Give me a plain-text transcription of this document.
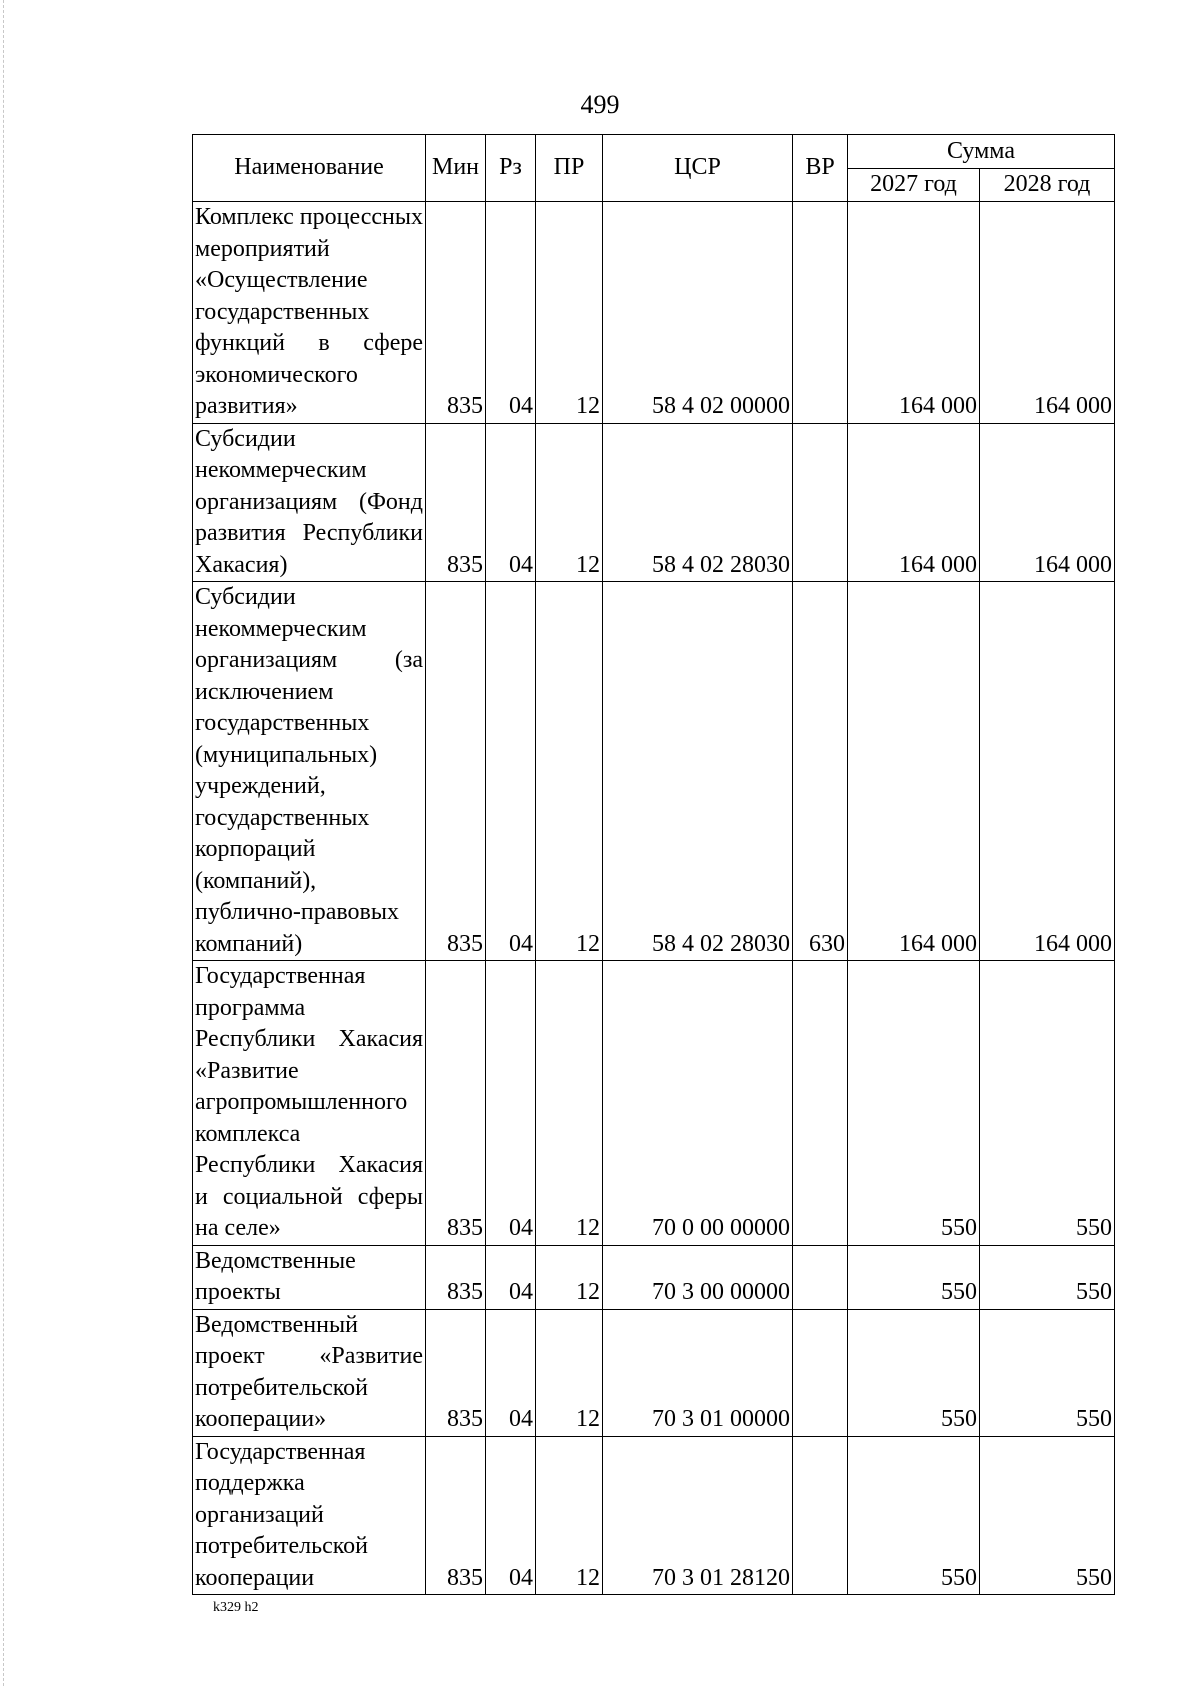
499
Наименование	Мин	Рз	ПР	ЦСР	ВР	Сумма	
						2027 год	2028 год
Комплекс процессных мероприятий «Осуществление государственных функций в сфере экономического развития»	835	04	12	58 4 02 00000		164 000	164 000
Субсидии некоммерческим организациям (Фонд развития Республики Хакасия)	835	04	12	58 4 02 28030		164 000	164 000
Субсидии некоммерческим организациям (за исключением государственных (муниципальных) учреждений, государственных корпораций (компаний), публично-правовых компаний)	835	04	12	58 4 02 28030	630	164 000	164 000
Государственная программа Республики Хакасия «Развитие агропромышленного комплекса Республики Хакасия и социальной сферы на селе»	835	04	12	70 0 00 00000		550	550
Ведомственные проекты	835	04	12	70 3 00 00000		550	550
Ведомственный проект «Развитие потребительской кооперации»	835	04	12	70 3 01 00000		550	550
Государственная поддержка организаций потребительской кооперации	835	04	12	70 3 01 28120		550	550
k329 h2
